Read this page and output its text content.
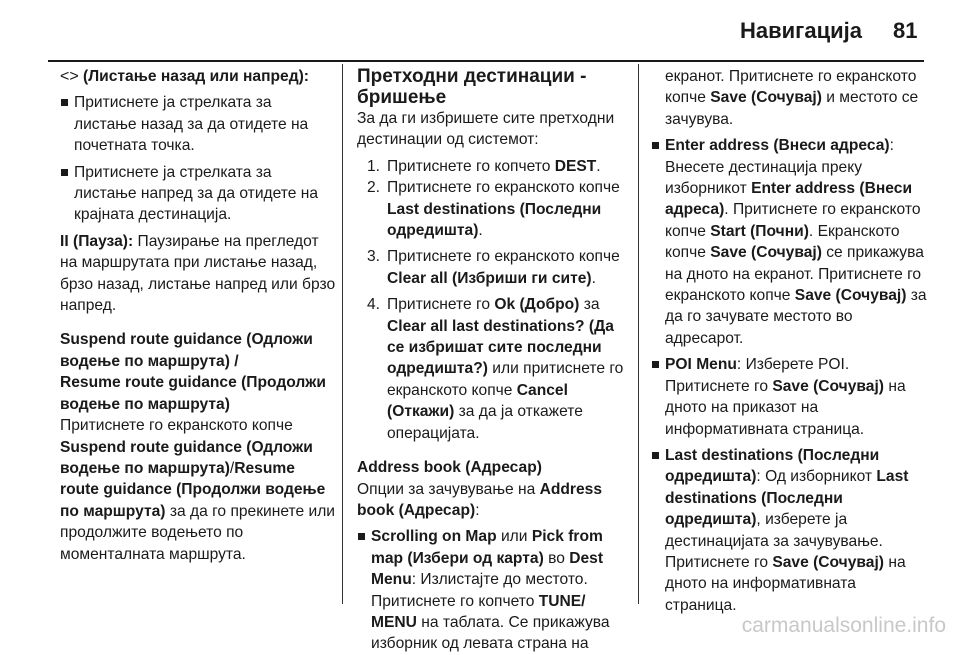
Навигација 81

<> (Листање назад или напред):

Притиснете ја стрелката за листање назад за да отидете на почетната точка.

Притиснете ја стрелката за листање напред за да отидете на крајната дестинација.

II (Пауза): Паузирање на прегледот на маршрутата при листање назад, брзо назад, листање напред или брзо напред.

Suspend route guidance (Одложи водење по маршрута) /
Resume route guidance (Продолжи водење по маршрута)

Притиснете го екранското копче Suspend route guidance (Одложи водење по маршрута)/Resume route guidance (Продолжи водење по маршрута) за да го прекинете или продолжите водењето по моменталната маршрута.

Претходни дестинации - бришење

За да ги избришете сите претходни дестинации од системот:

1. Притиснете го копчето DEST.

2. Притиснете го екранското копче Last destinations (Последни одредишта).

3. Притиснете го екранското копче Clear all (Избриши ги сите).

4. Притиснете го Ok (Добро) за Clear all last destinations? (Да се избришат сите последни одредишта?) или притиснете го екранското копче Cancel (Откажи) за да ја откажете операцијата.

Address book (Адресар)

Опции за зачувување на Address book (Адресар):

Scrolling on Map или Pick from map (Избери од карта) во Dest Menu: Излистајте до местото. Притиснете го копчето TUNE/ MENU на таблата. Се прикажува изборник од левата страна на

екранот. Притиснете го екранското копче Save (Сочувај) и местото се зачувува.

Enter address (Внеси адреса): Внесете дестинација преку изборникот Enter address (Внеси адреса). Притиснете го екранското копче Start (Почни). Екранското копче Save (Сочувај) се прикажува на дното на екранот. Притиснете го екранското копче Save (Сочувај) за да го зачувате местото во адресарот.

POI Menu: Изберете POI. Притиснете го Save (Сочувај) на дното на приказот на информативната страница.

Last destinations (Последни одредишта): Од изборникот Last destinations (Последни одредишта), изберете ја дестинацијата за зачувување. Притиснете го Save (Сочувај) на дното на информативната страница.

carmanualsonline.info
